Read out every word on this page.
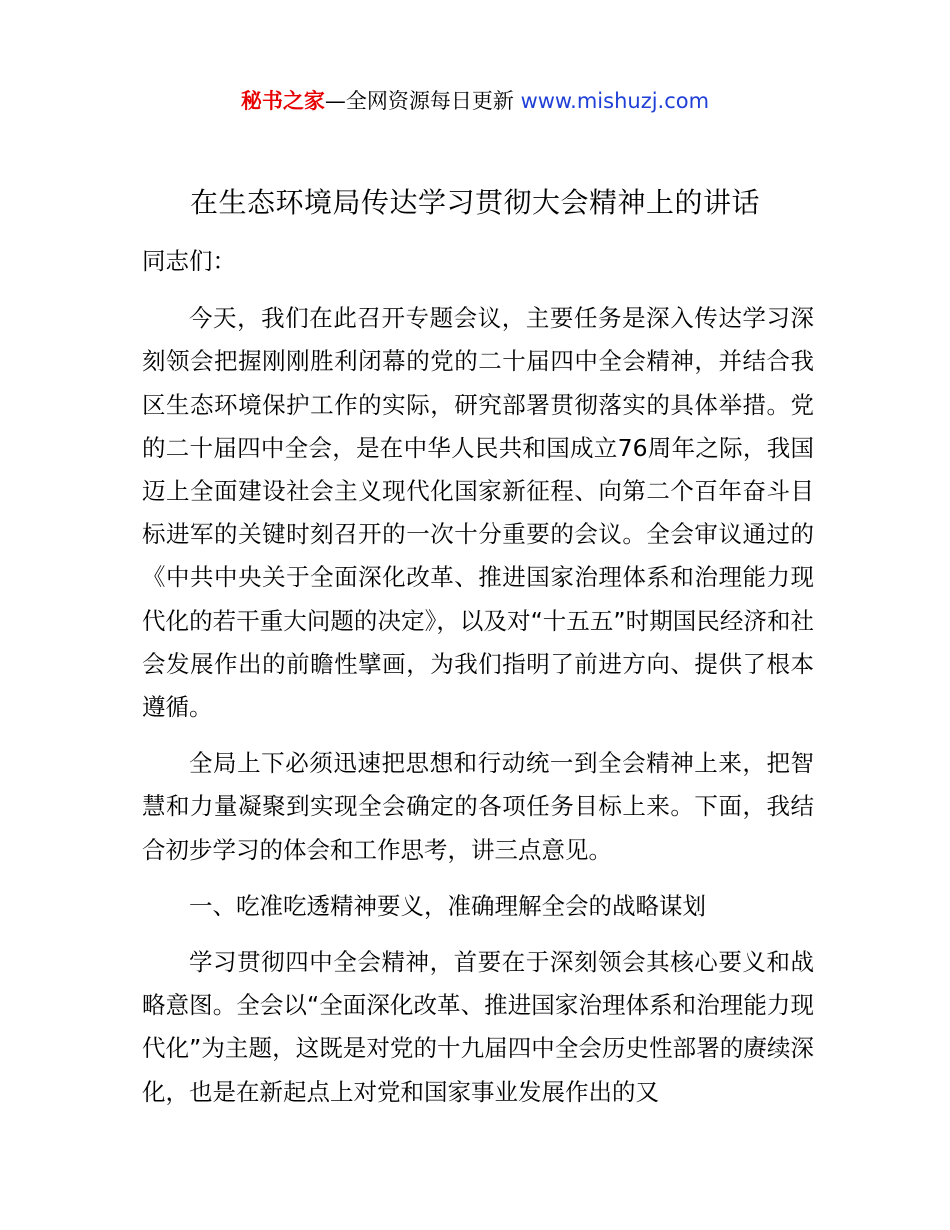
秘书之家—全网资源每日更新 www.mishuzj.com
在生态环境局传达学习贯彻大会精神上的讲话

同志们：

今天，我们在此召开专题会议，主要任务是深入传达学习深刻领会把握刚刚胜利闭幕的党的二十届四中全会精神，并结合我区生态环境保护工作的实际，研究部署贯彻落实的具体举措。党的二十届四中全会，是在中华人民共和国成立76周年之际，我国迈上全面建设社会主义现代化国家新征程、向第二个百年奋斗目标进军的关键时刻召开的一次十分重要的会议。全会审议通过的《中共中央关于全面深化改革、推进国家治理体系和治理能力现代化的若干重大问题的决定》，以及对“十五五”时期国民经济和社会发展作出的前瞻性擘画，为我们指明了前进方向、提供了根本遵循。

全局上下必须迅速把思想和行动统一到全会精神上来，把智慧和力量凝聚到实现全会确定的各项任务目标上来。下面，我结合初步学习的体会和工作思考，讲三点意见。

一、吃准吃透精神要义，准确理解全会的战略谋划

学习贯彻四中全会精神，首要在于深刻领会其核心要义和战略意图。全会以“全面深化改革、推进国家治理体系和治理能力现代化”为主题，这既是对党的十九届四中全会历史性部署的赓续深化，也是在新起点上对党和国家事业发展作出的又
